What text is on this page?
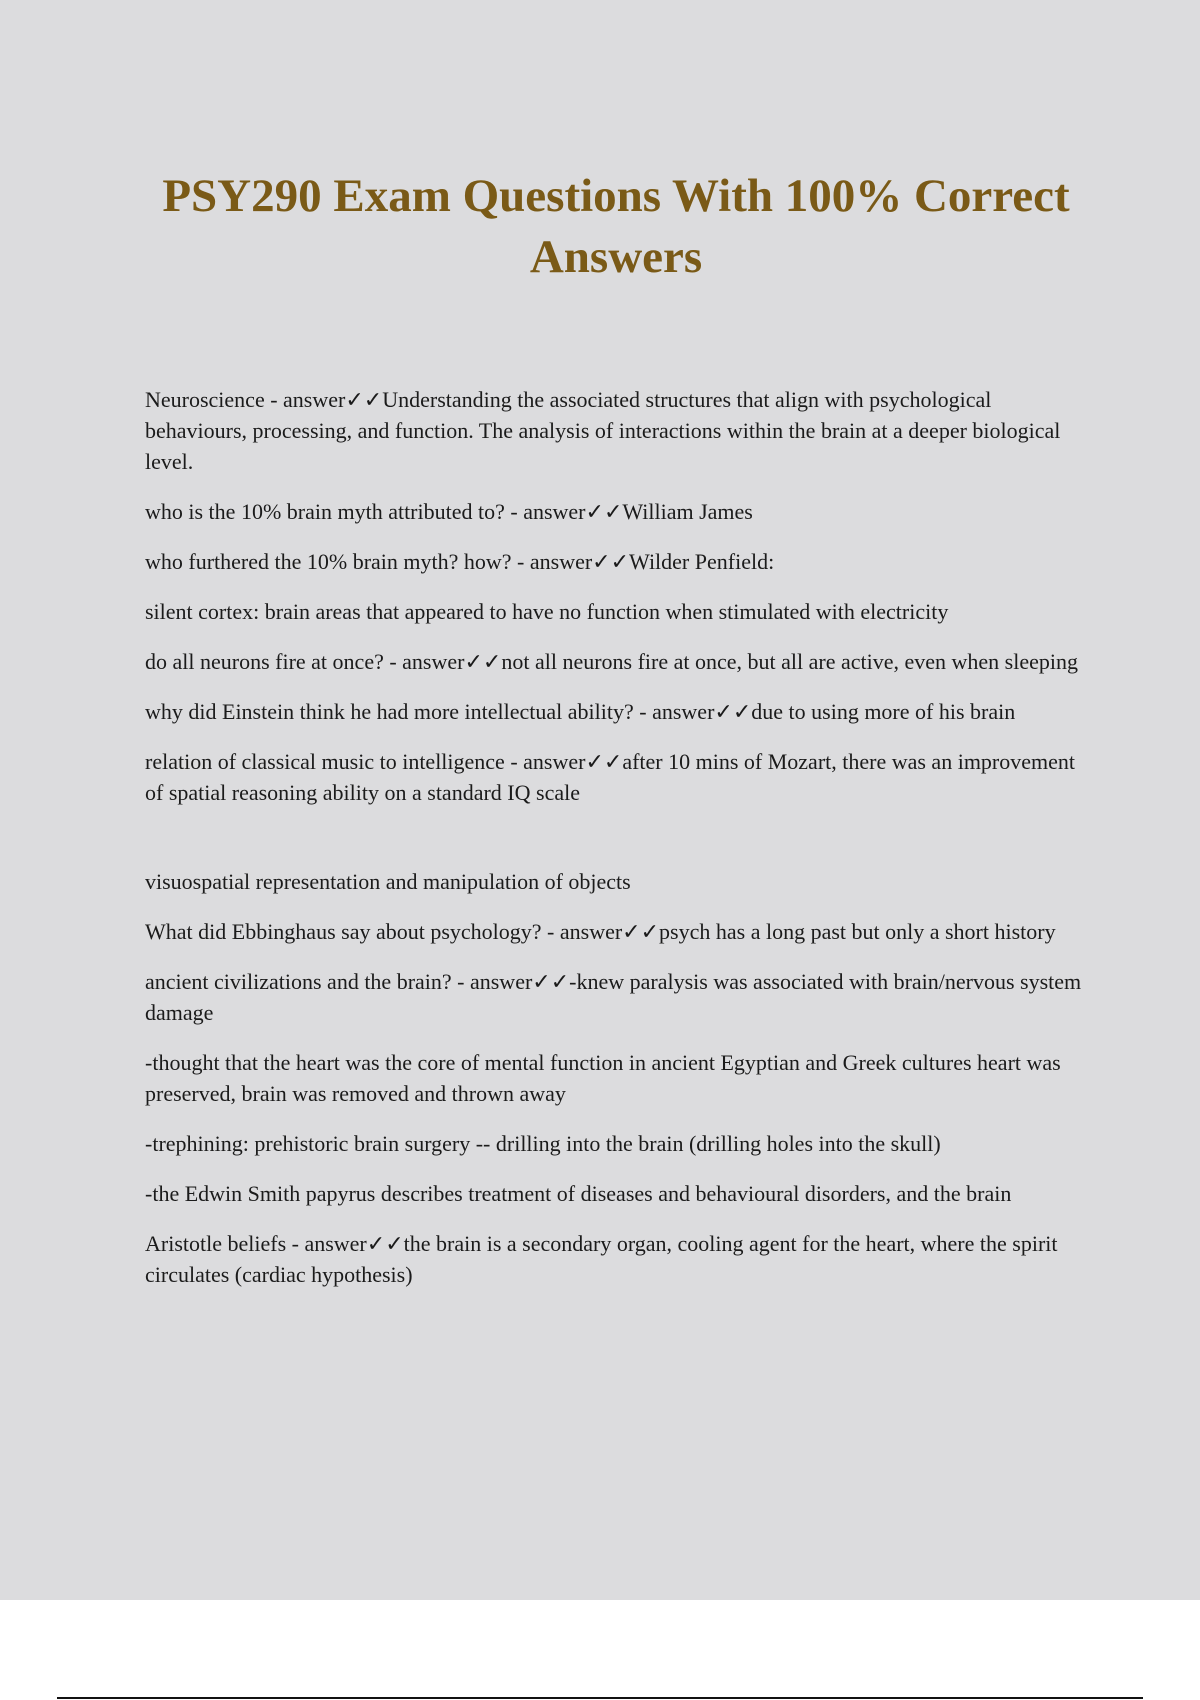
PSY290 Exam Questions With 100% Correct Answers

Neuroscience - answer✓✓Understanding the associated structures that align with psychological behaviours, processing, and function. The analysis of interactions within the brain at a deeper biological level.

who is the 10% brain myth attributed to? - answer✓✓William James

who furthered the 10% brain myth? how? - answer✓✓Wilder Penfield:

silent cortex: brain areas that appeared to have no function when stimulated with electricity

do all neurons fire at once? - answer✓✓not all neurons fire at once, but all are active, even when sleeping

why did Einstein think he had more intellectual ability? - answer✓✓due to using more of his brain

relation of classical music to intelligence - answer✓✓after 10 mins of Mozart, there was an improvement of spatial reasoning ability on a standard IQ scale

visuospatial representation and manipulation of objects

What did Ebbinghaus say about psychology? - answer✓✓psych has a long past but only a short history

ancient civilizations and the brain? - answer✓✓-knew paralysis was associated with brain/nervous system damage

-thought that the heart was the core of mental function in ancient Egyptian and Greek cultures heart was preserved, brain was removed and thrown away

-trephining: prehistoric brain surgery -- drilling into the brain (drilling holes into the skull)

-the Edwin Smith papyrus describes treatment of diseases and behavioural disorders, and the brain

Aristotle beliefs - answer✓✓the brain is a secondary organ, cooling agent for the heart, where the spirit circulates (cardiac hypothesis)
